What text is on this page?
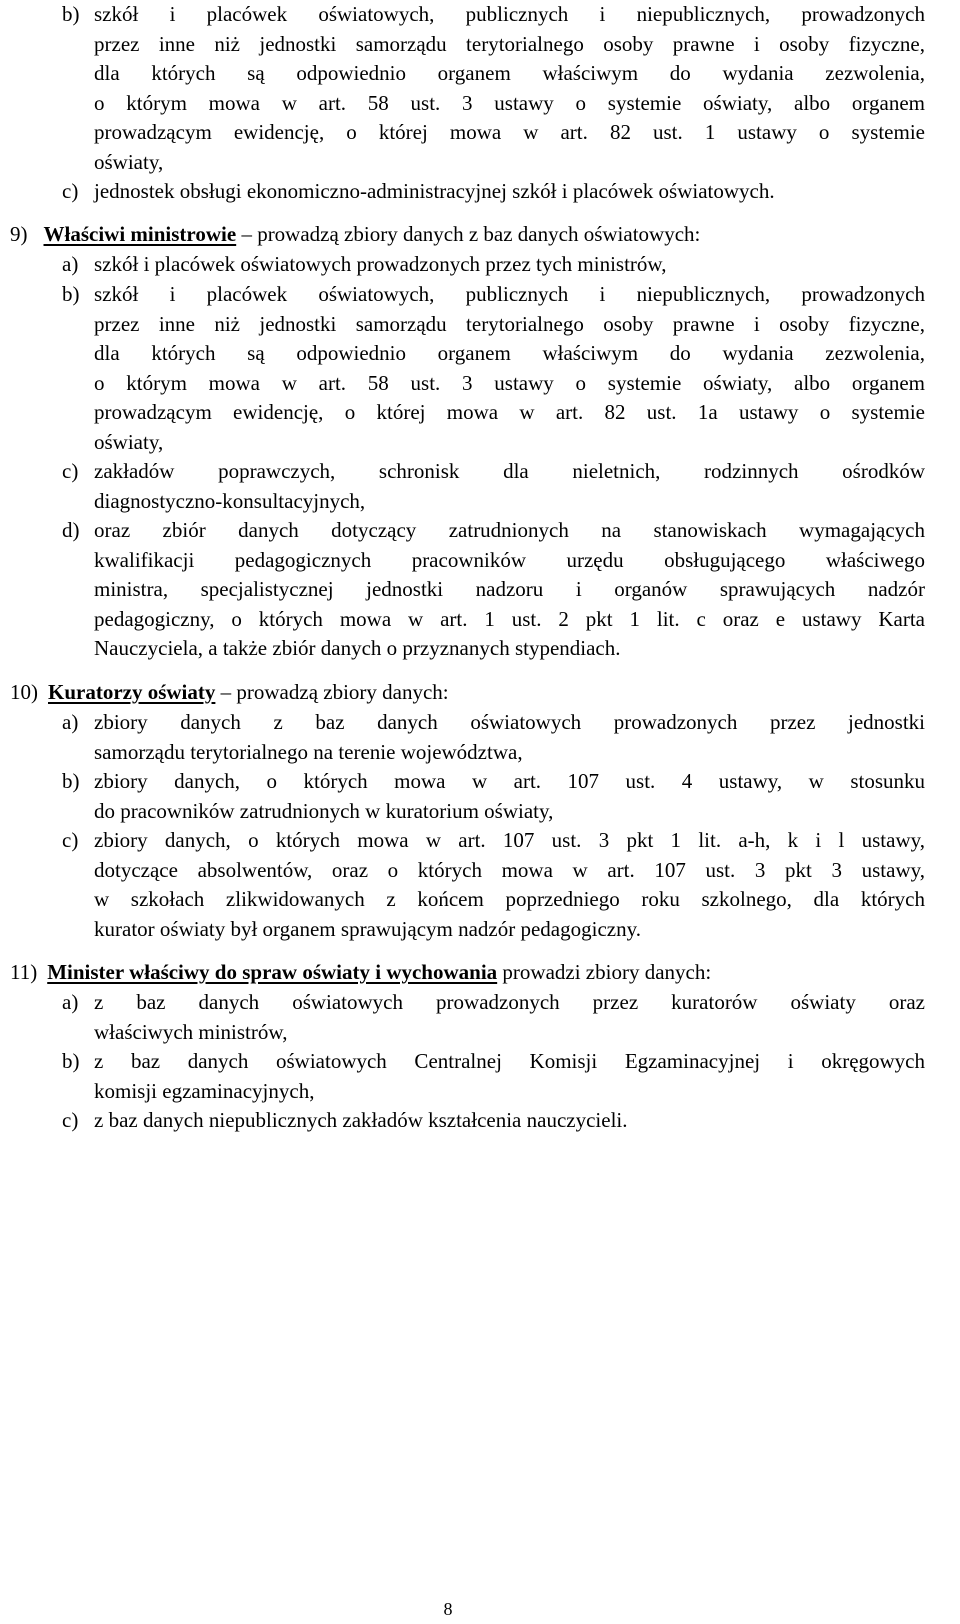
b) szkół i placówek oświatowych, publicznych i niepublicznych, prowadzonych
przez inne niż jednostki samorządu terytorialnego osoby prawne i osoby fizyczne,
dla których są odpowiednio organem właściwym do wydania zezwolenia,
o którym mowa w art. 58 ust. 3 ustawy o systemie oświaty, albo organem
prowadzącym ewidencję, o której mowa w art. 82 ust. 1 ustawy o systemie
oświaty,
c) jednostek obsługi ekonomiczno-administracyjnej szkół i placówek oświatowych.
9) Właściwi ministrowie – prowadzą zbiory danych z baz danych oświatowych:
a) szkół i placówek oświatowych prowadzonych przez tych ministrów,
b) szkół i placówek oświatowych, publicznych i niepublicznych, prowadzonych
przez inne niż jednostki samorządu terytorialnego osoby prawne i osoby fizyczne,
dla których są odpowiednio organem właściwym do wydania zezwolenia,
o którym mowa w art. 58 ust. 3 ustawy o systemie oświaty, albo organem
prowadzącym ewidencję, o której mowa w art. 82 ust. 1a ustawy o systemie
oświaty,
c) zakładów poprawczych, schronisk dla nieletnich, rodzinnych ośrodków
diagnostyczno-konsultacyjnych,
d) oraz zbiór danych dotyczący zatrudnionych na stanowiskach wymagających
kwalifikacji pedagogicznych pracowników urzędu obsługującego właściwego
ministra, specjalistycznej jednostki nadzoru i organów sprawujących nadzór
pedagogiczny, o których mowa w art. 1 ust. 2 pkt 1 lit. c oraz e ustawy Karta
Nauczyciela, a także zbiór danych o przyznanych stypendiach.
10) Kuratorzy oświaty – prowadzą zbiory danych:
a) zbiory danych z baz danych oświatowych prowadzonych przez jednostki
samorządu terytorialnego na terenie województwa,
b) zbiory danych, o których mowa w art. 107 ust. 4 ustawy, w stosunku
do pracowników zatrudnionych w kuratorium oświaty,
c) zbiory danych, o których mowa w art. 107 ust. 3 pkt 1 lit. a-h, k i l ustawy,
dotyczące absolwentów, oraz o których mowa w art. 107 ust. 3 pkt 3 ustawy,
w szkołach zlikwidowanych z końcem poprzedniego roku szkolnego, dla których
kurator oświaty był organem sprawującym nadzór pedagogiczny.
11) Minister właściwy do spraw oświaty i wychowania prowadzi zbiory danych:
a) z baz danych oświatowych prowadzonych przez kuratorów oświaty oraz
właściwych ministrów,
b) z baz danych oświatowych Centralnej Komisji Egzaminacyjnej i okręgowych
komisji egzaminacyjnych,
c) z baz danych niepublicznych zakładów kształcenia nauczycieli.
8
